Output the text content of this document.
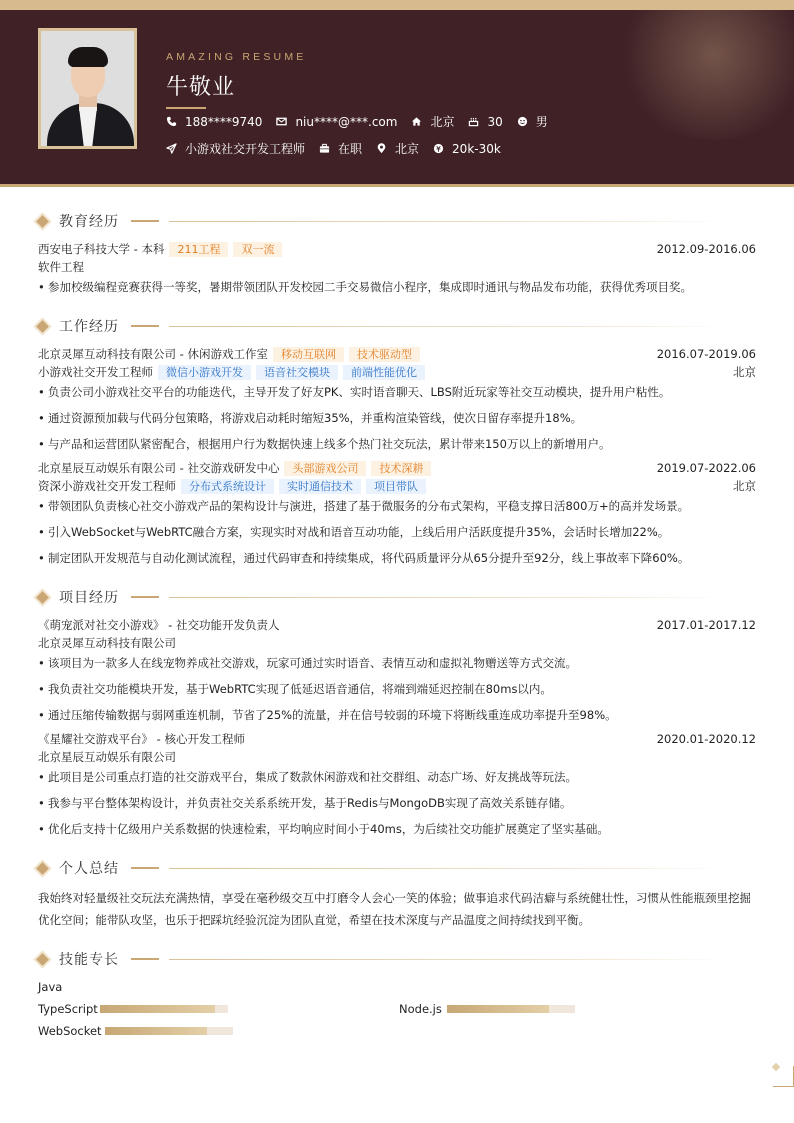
AMAZING RESUME
牛敬业
188****9740	niu****@***.com	北京	30	男
小游戏社交开发工程师	在职	北京	20k-30k
教育经历
西安电子科技大学 - 本科	211工程	双一流	2012.09-2016.06
软件工程
• 参加校级编程竞赛获得一等奖，暑期带领团队开发校园二手交易微信小程序，集成即时通讯与物品发布功能，获得优秀项目奖。
工作经历
北京灵犀互动科技有限公司 - 休闲游戏工作室	移动互联网	技术驱动型	2016.07-2019.06
小游戏社交开发工程师	微信小游戏开发	语音社交模块	前端性能优化	北京
• 负责公司小游戏社交平台的功能迭代，主导开发了好友PK、实时语音聊天、LBS附近玩家等社交互动模块，提升用户粘性。
• 通过资源预加载与代码分包策略，将游戏启动耗时缩短35%，并重构渲染管线，使次日留存率提升18%。
• 与产品和运营团队紧密配合，根据用户行为数据快速上线多个热门社交玩法，累计带来150万以上的新增用户。
北京星辰互动娱乐有限公司 - 社交游戏研发中心	头部游戏公司	技术深耕	2019.07-2022.06
资深小游戏社交开发工程师	分布式系统设计	实时通信技术	项目带队	北京
• 带领团队负责核心社交小游戏产品的架构设计与演进，搭建了基于微服务的分布式架构，平稳支撑日活800万+的高并发场景。
• 引入WebSocket与WebRTC融合方案，实现实时对战和语音互动功能，上线后用户活跃度提升35%，会话时长增加22%。
• 制定团队开发规范与自动化测试流程，通过代码审查和持续集成，将代码质量评分从65分提升至92分，线上事故率下降60%。
项目经历
《萌宠派对社交小游戏》 - 社交功能开发负责人	2017.01-2017.12
北京灵犀互动科技有限公司
• 该项目为一款多人在线宠物养成社交游戏，玩家可通过实时语音、表情互动和虚拟礼物赠送等方式交流。
• 我负责社交功能模块开发，基于WebRTC实现了低延迟语音通信，将端到端延迟控制在80ms以内。
• 通过压缩传输数据与弱网重连机制，节省了25%的流量，并在信号较弱的环境下将断线重连成功率提升至98%。
《星耀社交游戏平台》 - 核心开发工程师	2020.01-2020.12
北京星辰互动娱乐有限公司
• 此项目是公司重点打造的社交游戏平台，集成了数款休闲游戏和社交群组、动态广场、好友挑战等玩法。
• 我参与平台整体架构设计，并负责社交关系系统开发，基于Redis与MongoDB实现了高效关系链存储。
• 优化后支持十亿级用户关系数据的快速检索，平均响应时间小于40ms，为后续社交功能扩展奠定了坚实基础。
个人总结
我始终对轻量级社交玩法充满热情，享受在毫秒级交互中打磨令人会心一笑的体验；做事追求代码洁癖与系统健壮性，习惯从性能瓶颈里挖掘优化空间；能带队攻坚，也乐于把踩坑经验沉淀为团队直觉，希望在技术深度与产品温度之间持续找到平衡。
技能专长
Java
TypeScript	Node.js
WebSocket
